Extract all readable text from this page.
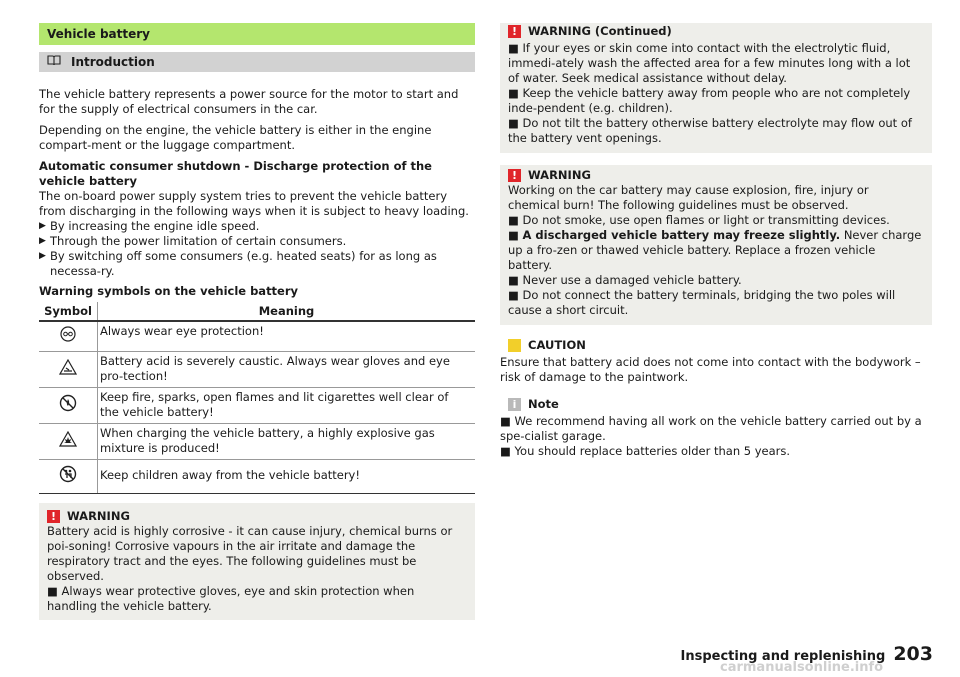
Vehicle battery
Introduction

The vehicle battery represents a power source for the motor to start and for the supply of electrical consumers in the car.

Depending on the engine, the vehicle battery is either in the engine compart-ment or the luggage compartment.

Automatic consumer shutdown - Discharge protection of the vehicle battery

The on-board power supply system tries to prevent the vehicle battery from discharging in the following ways when it is subject to heavy loading.

▶ By increasing the engine idle speed.
▶ Through the power limitation of certain consumers.
▶ By switching off some consumers (e.g. heated seats) for as long as necessa-ry.

Warning symbols on the vehicle battery

Symbol	Meaning
	Always wear eye protection!
	Battery acid is severely caustic. Always wear gloves and eye pro-tection!
	Keep fire, sparks, open flames and lit cigarettes well clear of the vehicle battery!
	When charging the vehicle battery, a highly explosive gas mixture is produced!
	Keep children away from the vehicle battery!
! WARNING

Battery acid is highly corrosive - it can cause injury, chemical burns or poi-soning! Corrosive vapours in the air irritate and damage the respiratory tract and the eyes. The following guidelines must be observed.

■ Always wear protective gloves, eye and skin protection when handling the vehicle battery.

! WARNING (Continued)

■ If your eyes or skin come into contact with the electrolytic fluid, immedi-ately wash the affected area for a few minutes long with a lot of water. Seek medical assistance without delay.

■ Keep the vehicle battery away from people who are not completely inde-pendent (e.g. children).

■ Do not tilt the battery otherwise battery electrolyte may flow out of the battery vent openings.

! WARNING

Working on the car battery may cause explosion, fire, injury or chemical burn! The following guidelines must be observed.

■ Do not smoke, use open flames or light or transmitting devices.

■ A discharged vehicle battery may freeze slightly. Never charge up a fro-zen or thawed vehicle battery. Replace a frozen vehicle battery.

■ Never use a damaged vehicle battery.

■ Do not connect the battery terminals, bridging the two poles will cause a short circuit.

CAUTION

Ensure that battery acid does not come into contact with the bodywork – risk of damage to the paintwork.

i	Note

■ We recommend having all work on the vehicle battery carried out by a spe-cialist garage.

■ You should replace batteries older than 5 years.

Inspecting and replenishing 203
carmanualsonline.info
